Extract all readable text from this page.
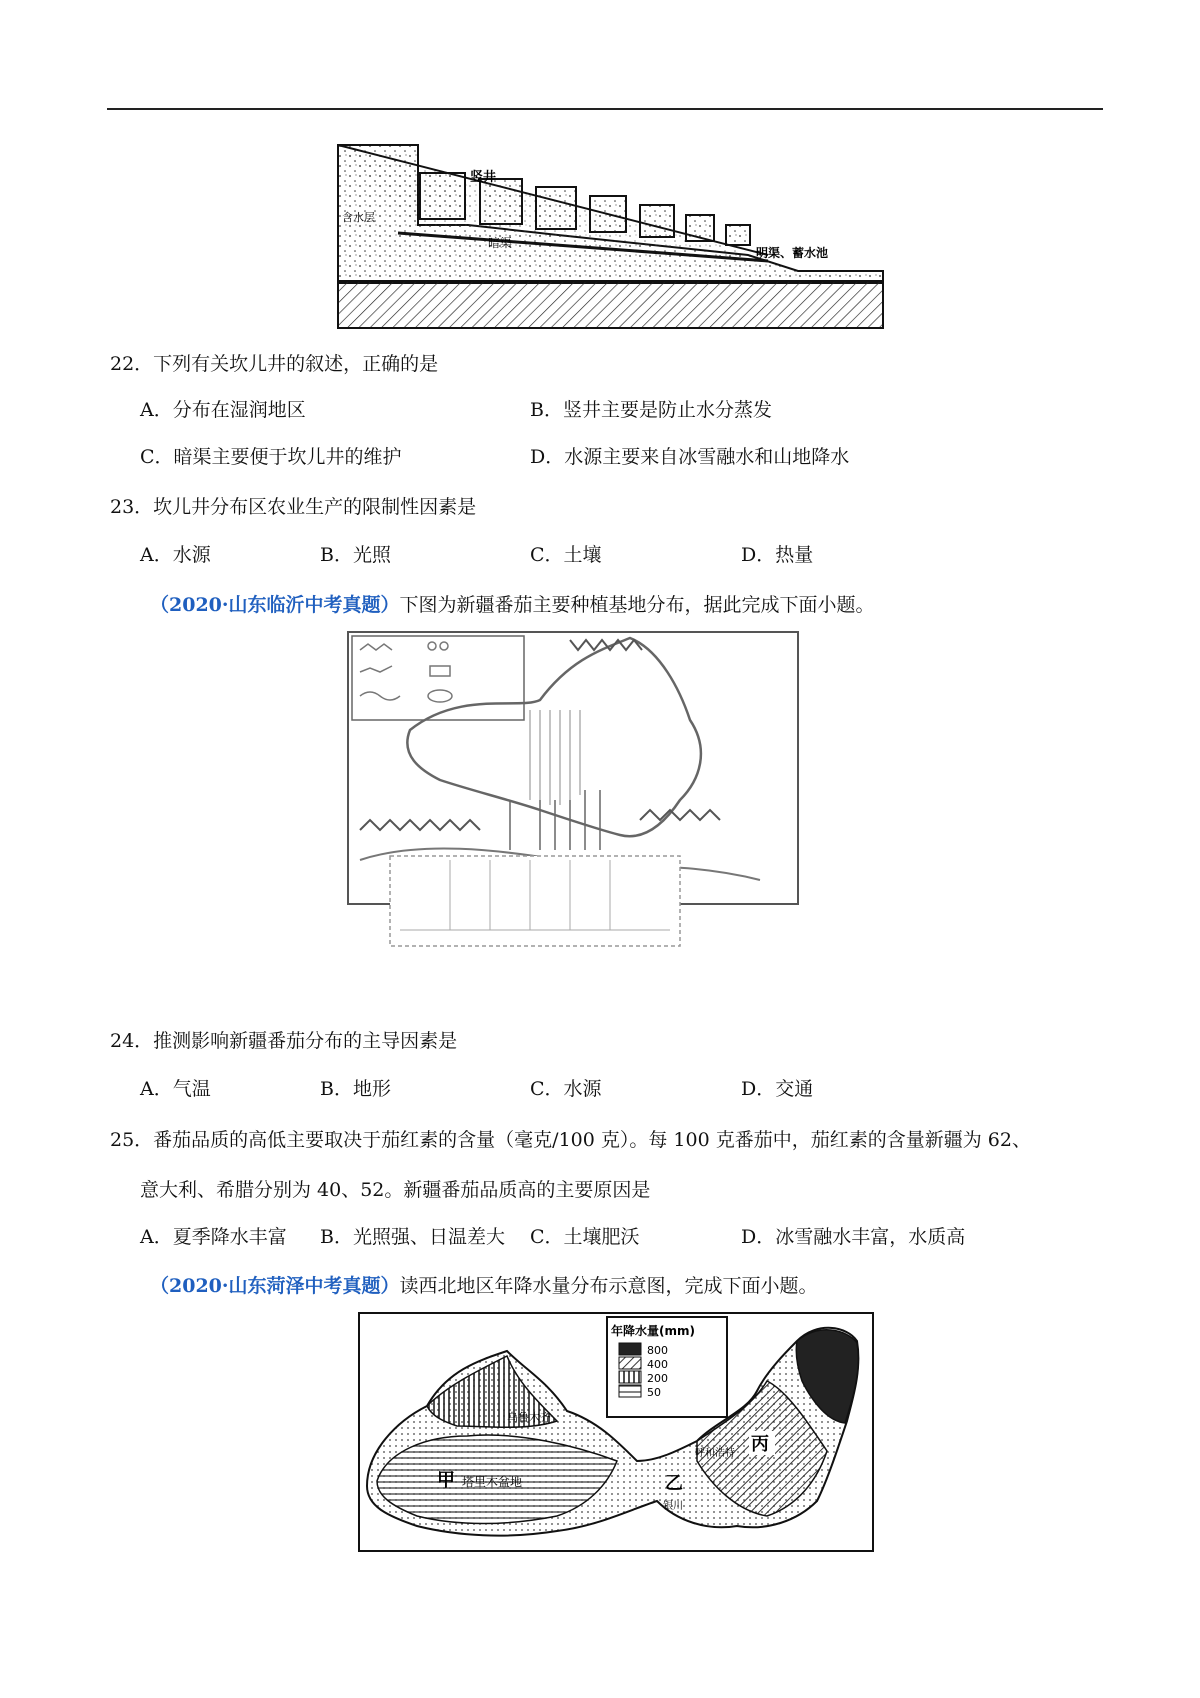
竖井
含水层
暗渠
明渠、蓄水池
22．下列有关坎儿井的叙述，正确的是
A．分布在湿润地区	B．竖井主要是防止水分蒸发
C．暗渠主要便于坎儿井的维护	D．水源主要来自冰雪融水和山地降水
23．坎儿井分布区农业生产的限制性因素是
A．水源	B．光照	C．土壤	D．热量
（2020·山东临沂中考真题）下图为新疆番茄主要种植基地分布，据此完成下面小题。
24．推测影响新疆番茄分布的主导因素是
A．气温	B．地形	C．水源	D．交通
25．番茄品质的高低主要取决于茄红素的含量（毫克/100 克）。每 100 克番茄中，茄红素的含量新疆为 62、
意大利、希腊分别为 40、52。新疆番茄品质高的主要原因是
A．夏季降水丰富 B．光照强、日温差大 C．土壤肥沃	D．冰雪融水丰富，水质高
（2020·山东菏泽中考真题）读西北地区年降水量分布示意图，完成下面小题。
年降水量(mm)
800
400
200
50
乌鲁木齐
甲 塔里木盆地	乙
银川
呼和浩特 丙
